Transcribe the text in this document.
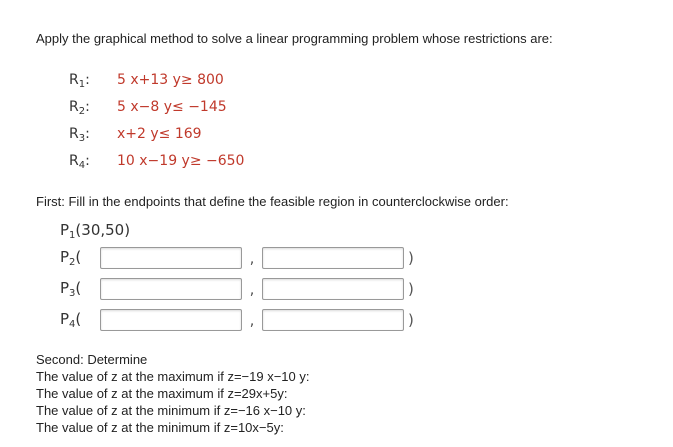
Apply the graphical method to solve a linear programming problem whose restrictions are:
$R_1$: 5 x+13 y≥ 800
$R_2$: 5 x−8 y≤ −145
$R_3$: x+2 y≤ 169
$R_4$: 10 x−19 y≥ −650
First: Fill in the endpoints that define the feasible region in counterclockwise order:
$P_1(30,50)$
$P_2$(	,	)
$P_3$(	,	)
$P_4$(	,	)
Second: Determine
The value of z at the maximum if z=−19 x−10 y:
The value of z at the maximum if z=29x+5y:
The value of z at the minimum if z=−16 x−10 y:
The value of z at the minimum if z=10x−5y:
